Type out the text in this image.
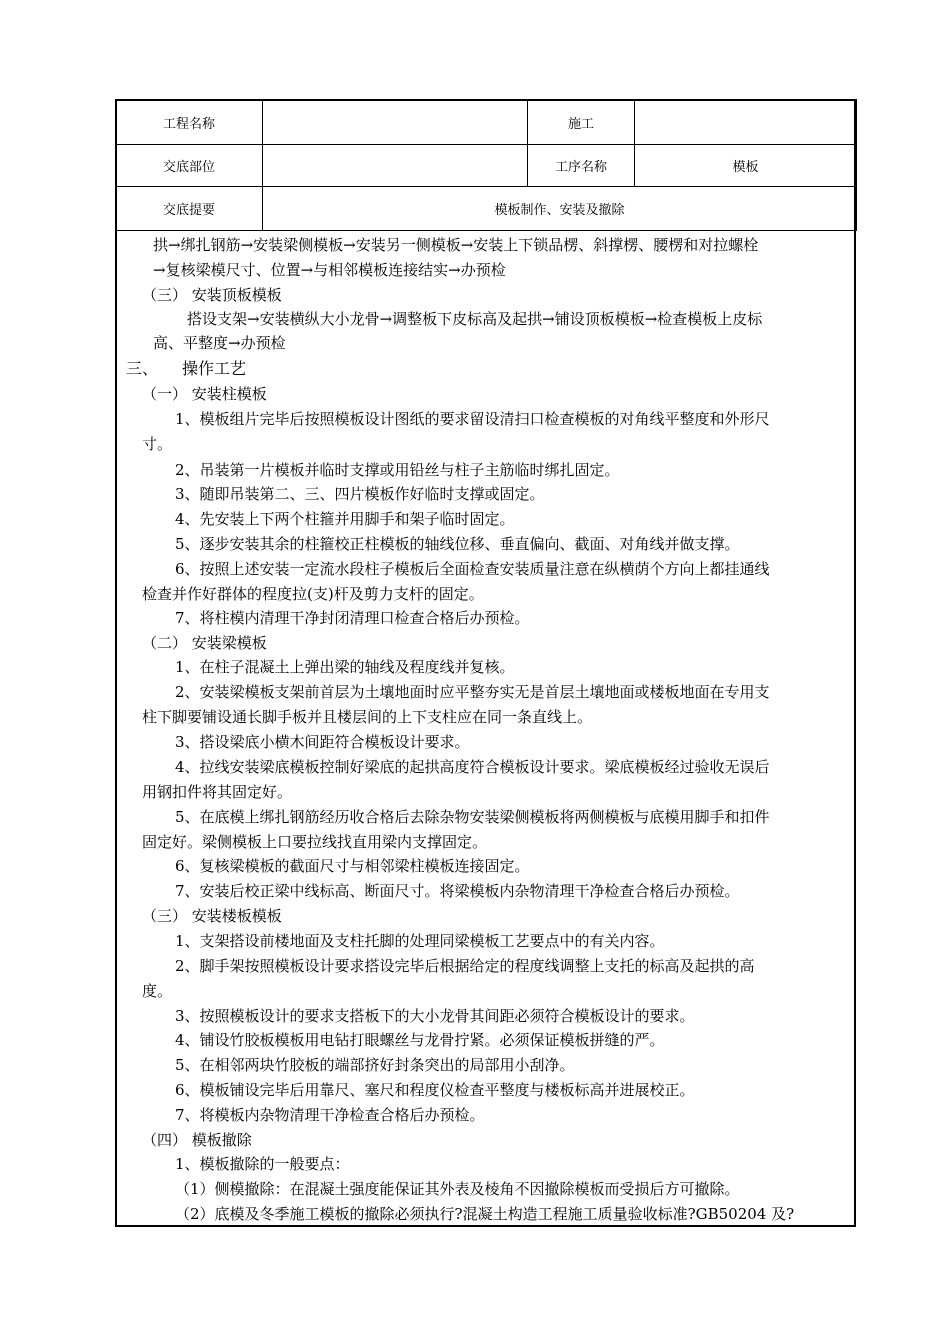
工程名称		施工	
交底部位		工序名称	模板
交底提要	模板制作、安装及撤除		
拱→绑扎钢筋→安装梁侧模板→安装另一侧模板→安装上下锁品楞、斜撑楞、腰楞和对拉螺栓
→复核梁模尺寸、位置→与相邻模板连接结实→办预检
（三） 安装顶板模板
搭设支架→安装横纵大小龙骨→调整板下皮标高及起拱→铺设顶板模板→检查模板上皮标
高、平整度→办预检
三、　　操作工艺
（一） 安装柱模板
1、模板组片完毕后按照模板设计图纸的要求留设清扫口检查模板的对角线平整度和外形尺
寸。
2、吊装第一片模板并临时支撑或用铅丝与柱子主筋临时绑扎固定。
3、随即吊装第二、三、四片模板作好临时支撑或固定。
4、先安装上下两个柱箍并用脚手和架子临时固定。
5、逐步安装其余的柱箍校正柱模板的轴线位移、垂直偏向、截面、对角线并做支撑。
6、按照上述安装一定流水段柱子模板后全面检查安装质量注意在纵横荫个方向上都挂通线
检查并作好群体的程度拉(支)杆及剪力支杆的固定。
7、将柱模内清理干净封闭清理口检查合格后办预检。
（二） 安装梁模板
1、在柱子混凝土上弹出梁的轴线及程度线并复核。
2、安装梁模板支架前首层为土壤地面时应平整夯实无是首层土壤地面或楼板地面在专用支
柱下脚要铺设通长脚手板并且楼层间的上下支柱应在同一条直线上。
3、搭设梁底小横木间距符合模板设计要求。
4、拉线安装梁底模板控制好梁底的起拱高度符合模板设计要求。梁底模板经过验收无误后
用钢扣件将其固定好。
5、在底模上绑扎钢筋经历收合格后去除杂物安装梁侧模板将两侧模板与底模用脚手和扣件
固定好。梁侧模板上口要拉线找直用梁内支撑固定。
6、复核梁模板的截面尺寸与相邻梁柱模板连接固定。
7、安装后校正梁中线标高、断面尺寸。将梁模板内杂物清理干净检查合格后办预检。
（三） 安装楼板模板
1、支架搭设前楼地面及支柱托脚的处理同梁模板工艺要点中的有关内容。
2、脚手架按照模板设计要求搭设完毕后根据给定的程度线调整上支托的标高及起拱的高
度。
3、按照模板设计的要求支搭板下的大小龙骨其间距必须符合模板设计的要求。
4、铺设竹胶板模板用电钻打眼螺丝与龙骨拧紧。必须保证模板拼缝的严。
5、在相邻两块竹胶板的端部挤好封条突出的局部用小刮净。
6、模板铺设完毕后用靠尺、塞尺和程度仪检查平整度与楼板标高并进展校正。
7、将模板内杂物清理干净检查合格后办预检。
（四） 模板撤除
1、模板撤除的一般要点：
（1）侧模撤除：在混凝土强度能保证其外表及棱角不因撤除模板而受损后方可撤除。
（2）底模及冬季施工模板的撤除必须执行?混凝土构造工程施工质量验收标准?GB50204 及?
